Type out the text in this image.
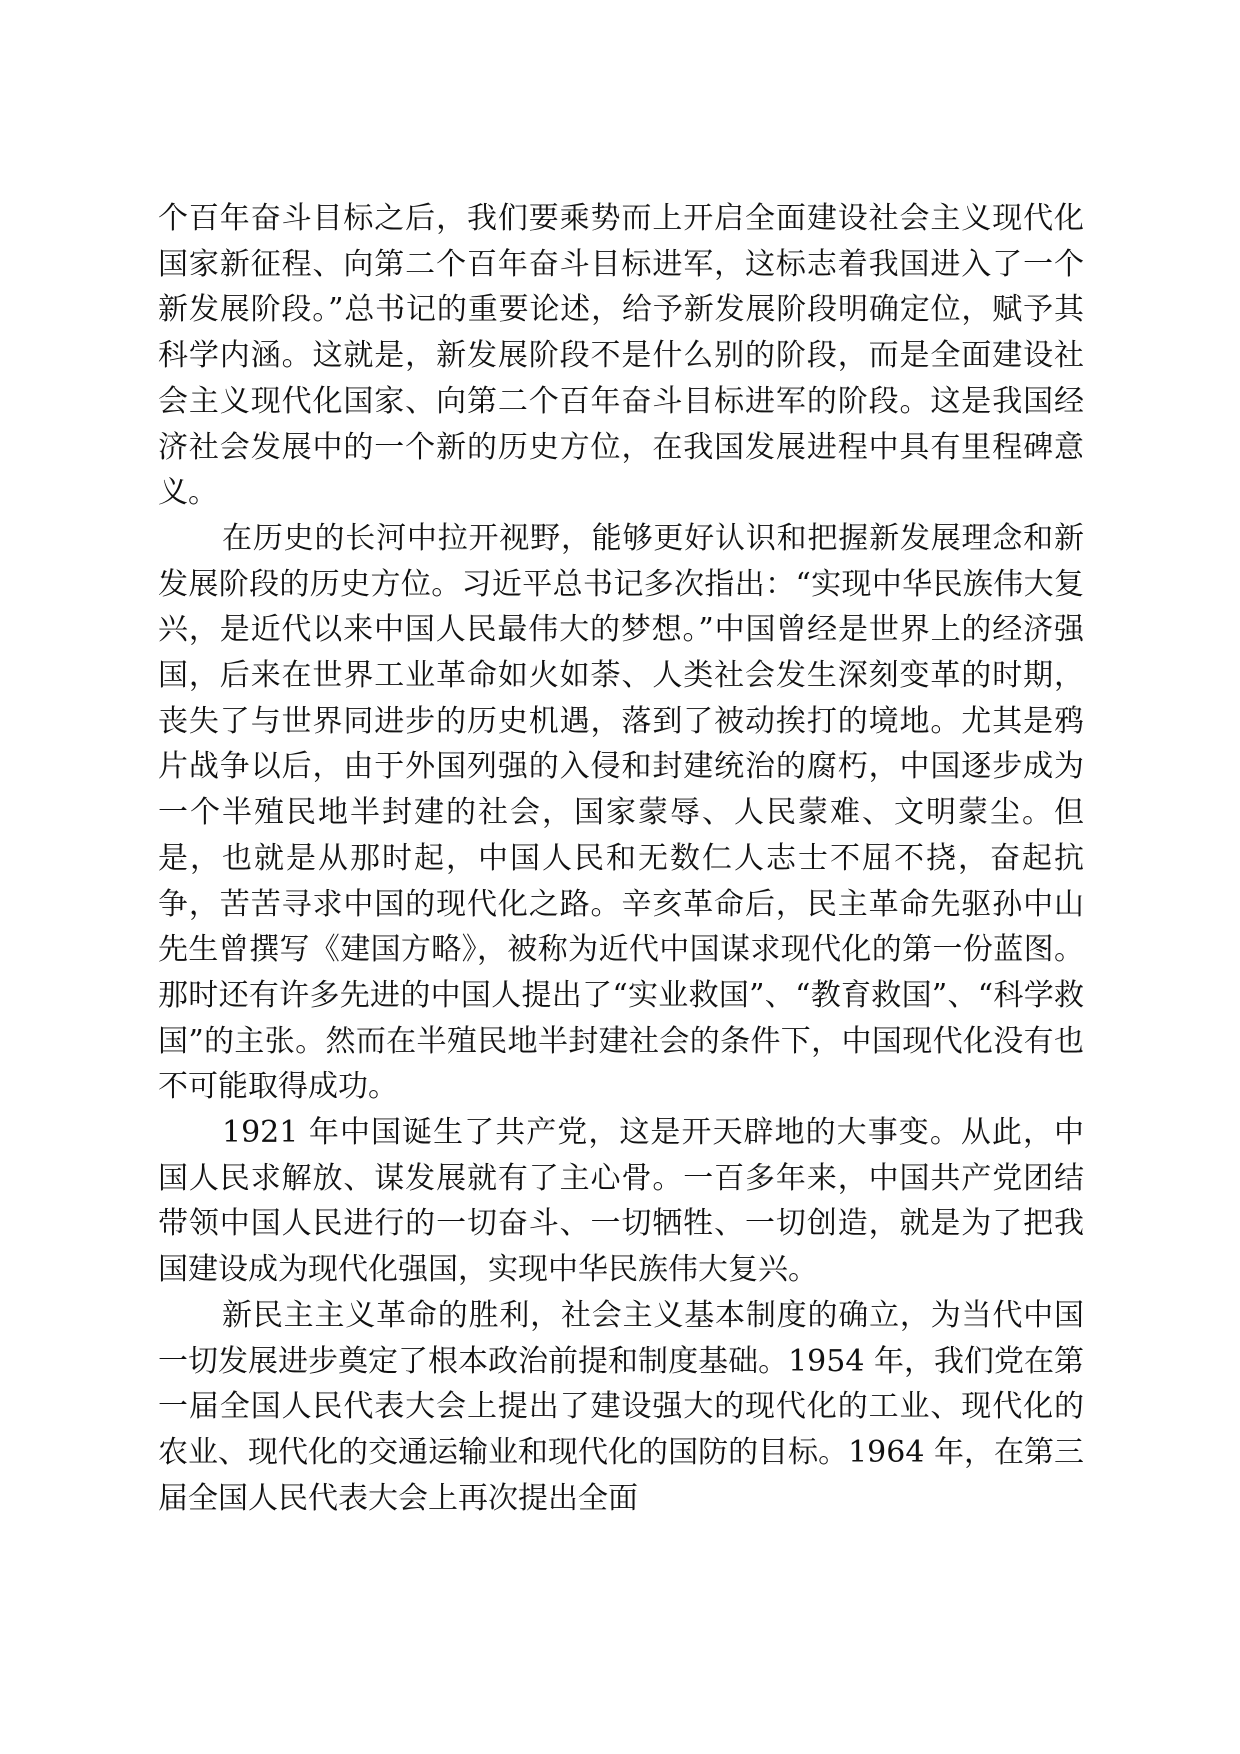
个百年奋斗目标之后，我们要乘势而上开启全面建设社会主义现代化国家新征程、向第二个百年奋斗目标进军，这标志着我国进入了一个新发展阶段。”总书记的重要论述，给予新发展阶段明确定位，赋予其科学内涵。这就是，新发展阶段不是什么别的阶段，而是全面建设社会主义现代化国家、向第二个百年奋斗目标进军的阶段。这是我国经济社会发展中的一个新的历史方位，在我国发展进程中具有里程碑意义。

在历史的长河中拉开视野，能够更好认识和把握新发展理念和新发展阶段的历史方位。习近平总书记多次指出：“实现中华民族伟大复兴，是近代以来中国人民最伟大的梦想。”中国曾经是世界上的经济强国，后来在世界工业革命如火如荼、人类社会发生深刻变革的时期，丧失了与世界同进步的历史机遇，落到了被动挨打的境地。尤其是鸦片战争以后，由于外国列强的入侵和封建统治的腐朽，中国逐步成为一个半殖民地半封建的社会，国家蒙辱、人民蒙难、文明蒙尘。但是，也就是从那时起，中国人民和无数仁人志士不屈不挠，奋起抗争，苦苦寻求中国的现代化之路。辛亥革命后，民主革命先驱孙中山先生曾撰写《建国方略》，被称为近代中国谋求现代化的第一份蓝图。那时还有许多先进的中国人提出了“实业救国”、“教育救国”、“科学救国”的主张。然而在半殖民地半封建社会的条件下，中国现代化没有也不可能取得成功。

1921 年中国诞生了共产党，这是开天辟地的大事变。从此，中国人民求解放、谋发展就有了主心骨。一百多年来，中国共产党团结带领中国人民进行的一切奋斗、一切牺牲、一切创造，就是为了把我国建设成为现代化强国，实现中华民族伟大复兴。

新民主主义革命的胜利，社会主义基本制度的确立，为当代中国一切发展进步奠定了根本政治前提和制度基础。1954 年，我们党在第一届全国人民代表大会上提出了建设强大的现代化的工业、现代化的农业、现代化的交通运输业和现代化的国防的目标。1964 年，在第三届全国人民代表大会上再次提出全面
